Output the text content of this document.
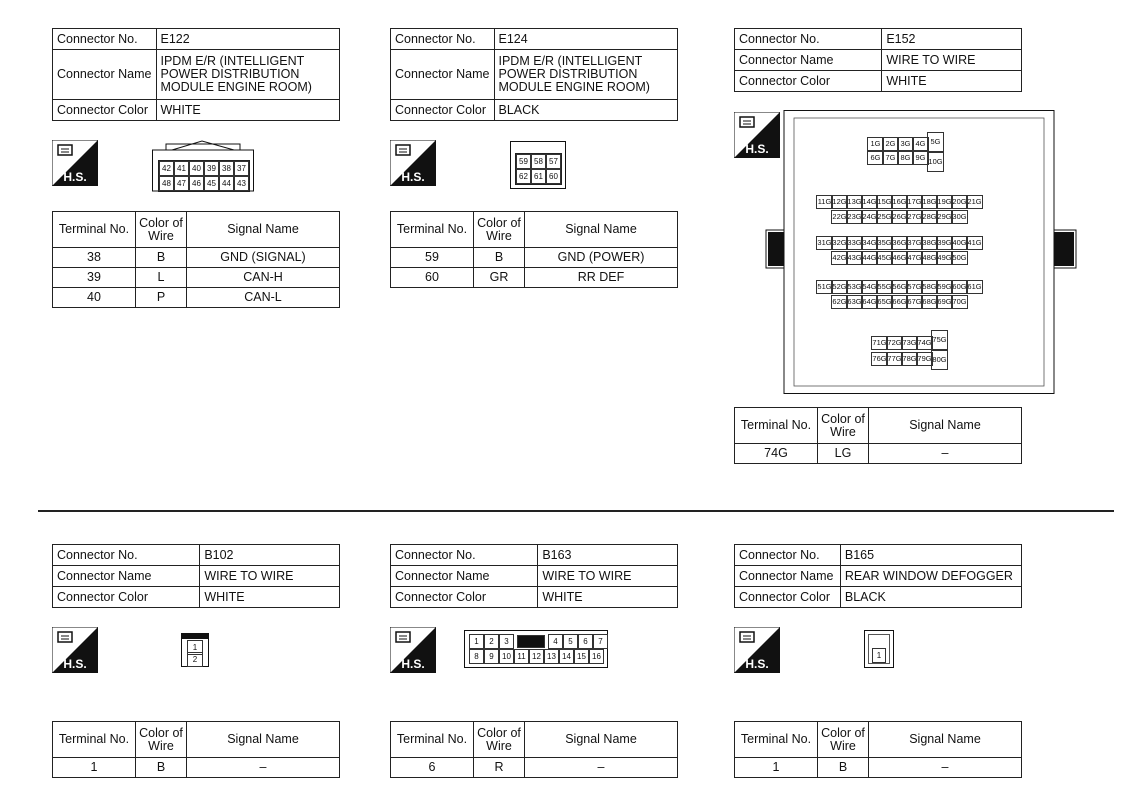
Connector No.	E122
Connector Name	IPDM E/R (INTELLIGENT POWER DISTRIBUTION MODULE ENGINE ROOM)
Connector Color	WHITE
H.S.
42 41 40 39 38 37
48 47 46 45 44 43
Terminal No.	Color of Wire	Signal Name
38	B	GND (SIGNAL)
39	L	CAN-H
40	P	CAN-L
Connector No.	E124
Connector Name	IPDM E/R (INTELLIGENT POWER DISTRIBUTION MODULE ENGINE ROOM)
Connector Color	BLACK
H.S.
59 58 57
62 61 60
Terminal No.	Color of Wire	Signal Name
59	B	GND (POWER)
60	GR	RR DEF
Connector No.	E152
Connector Name	WIRE TO WIRE
Connector Color	WHITE
H.S.	1G 2G 3G 4G
6G 7G 8G 9G
5G
10G
11G 12G 13G 14G 15G 16G 17G 18G 19G 20G 21G
22G 23G 24G 25G 26G 27G 28G 29G 30G
31G 32G 33G 34G 35G 36G 37G 38G 39G 40G 41G
42G 43G 44G 45G 46G 47G 48G 49G 50G
51G 52G 53G 54G 55G 56G 57G 58G 59G 60G 61G
62G 63G 64G 65G 66G 67G 68G 69G 70G
71G 72G 73G 74G
76G 77G 78G 79G
75G
80G
Terminal No.	Color of Wire	Signal Name
74G	LG	–
Connector No.	B102
Connector Name	WIRE TO WIRE
Connector Color	WHITE
H.S.
1
2
Terminal No.	Color of Wire	Signal Name
1	B	–
Connector No.	B163
Connector Name	WIRE TO WIRE
Connector Color	WHITE
H.S.
1	2	3	4	5	6	7
8	9	10 11 12 13 14 15 16
Terminal No.	Color of Wire	Signal Name
6	R	–
Connector No.	B165
Connector Name	REAR WINDOW DEFOGGER
Connector Color	BLACK
H.S.
1
Terminal No.	Color of Wire	Signal Name
1	B	–
